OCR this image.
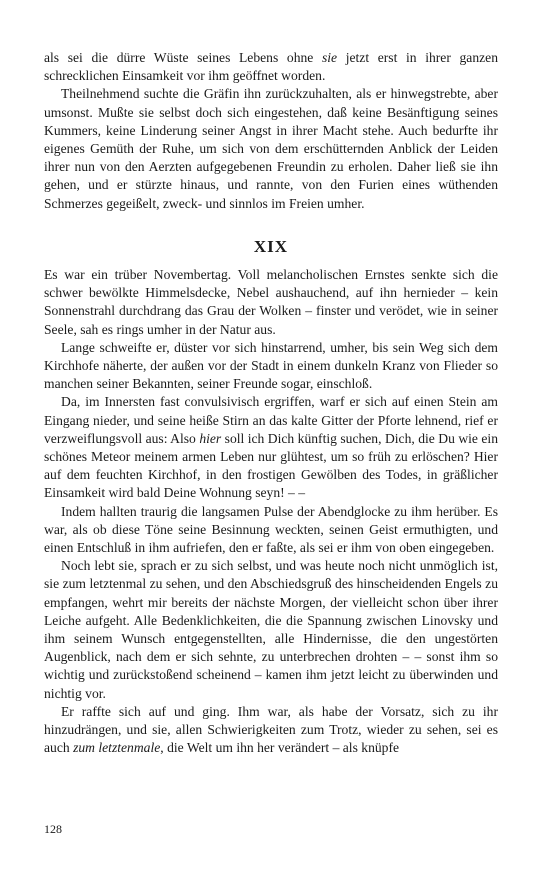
als sei die dürre Wüste seines Lebens ohne sie jetzt erst in ihrer ganzen schrecklichen Einsamkeit vor ihm geöffnet worden.

Theilnehmend suchte die Gräfin ihn zurückzuhalten, als er hinwegstrebte, aber umsonst. Mußte sie selbst doch sich eingestehen, daß keine Besänftigung seines Kummers, keine Linderung seiner Angst in ihrer Macht stehe. Auch bedurfte ihr eigenes Gemüth der Ruhe, um sich von dem erschütternden Anblick der Leiden ihrer nun von den Aerzten aufgegebenen Freundin zu erholen. Daher ließ sie ihn gehen, und er stürzte hinaus, und rannte, von den Furien eines wüthenden Schmerzes gegeißelt, zweck- und sinnlos im Freien umher.

XIX

Es war ein trüber Novembertag. Voll melancholischen Ernstes senkte sich die schwer bewölkte Himmelsdecke, Nebel aushauchend, auf ihn hernieder – kein Sonnenstrahl durchdrang das Grau der Wolken – finster und verödet, wie in seiner Seele, sah es rings umher in der Natur aus.

Lange schweifte er, düster vor sich hinstarrend, umher, bis sein Weg sich dem Kirchhofe näherte, der außen vor der Stadt in einem dunkeln Kranz von Flieder so manchen seiner Bekannten, seiner Freunde sogar, einschloß.

Da, im Innersten fast convulsivisch ergriffen, warf er sich auf einen Stein am Eingang nieder, und seine heiße Stirn an das kalte Gitter der Pforte lehnend, rief er verzweiflungsvoll aus: Also hier soll ich Dich künftig suchen, Dich, die Du wie ein schönes Meteor meinem armen Leben nur glühtest, um so früh zu erlöschen? Hier auf dem feuchten Kirchhof, in den frostigen Gewölben des Todes, in gräßlicher Einsamkeit wird bald Deine Wohnung seyn! – –

Indem hallten traurig die langsamen Pulse der Abendglocke zu ihm herüber. Es war, als ob diese Töne seine Besinnung weckten, seinen Geist ermuthigten, und einen Entschluß in ihm aufriefen, den er faßte, als sei er ihm von oben eingegeben.

Noch lebt sie, sprach er zu sich selbst, und was heute noch nicht unmöglich ist, sie zum letztenmal zu sehen, und den Abschiedsgruß des hinscheidenden Engels zu empfangen, wehrt mir bereits der nächste Morgen, der vielleicht schon über ihrer Leiche aufgeht. Alle Bedenklichkeiten, die die Spannung zwischen Linovsky und ihm seinem Wunsch entgegenstellten, alle Hindernisse, die den ungestörten Augenblick, nach dem er sich sehnte, zu unterbrechen drohten – – sonst ihm so wichtig und zurückstoßend scheinend – kamen ihm jetzt leicht zu überwinden und nichtig vor.

Er raffte sich auf und ging. Ihm war, als habe der Vorsatz, sich zu ihr hinzudrängen, und sie, allen Schwierigkeiten zum Trotz, wieder zu sehen, sei es auch zum letztenmale, die Welt um ihn her verändert – als knüpfe

128
